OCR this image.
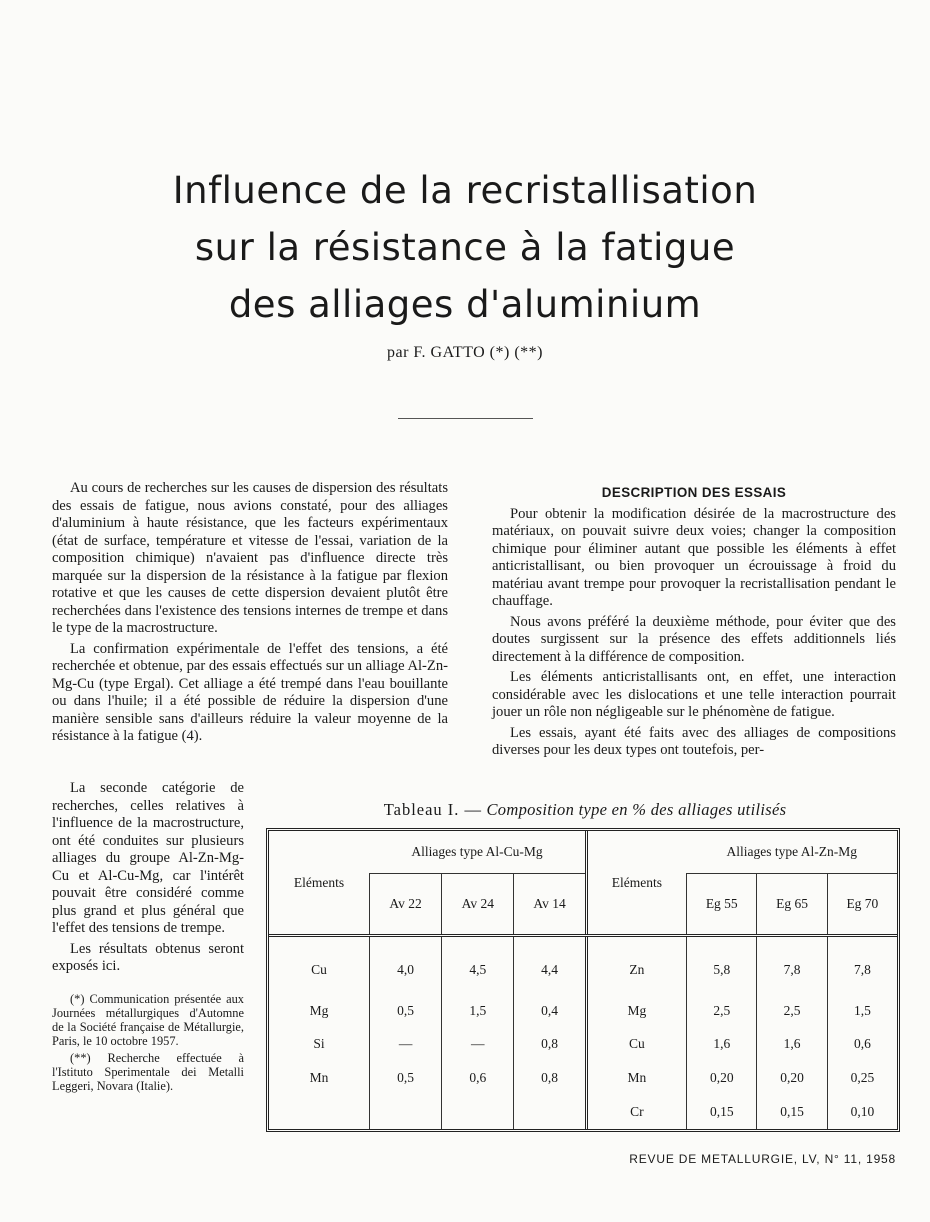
Influence de la recristallisation
sur la résistance à la fatigue
des alliages d'aluminium
par F. GATTO (*) (**)

Au cours de recherches sur les causes de dispersion des résultats des essais de fatigue, nous avions constaté, pour des alliages d'aluminium à haute résistance, que les facteurs expérimentaux (état de surface, température et vitesse de l'essai, variation de la composition chimique) n'avaient pas d'influence directe très marquée sur la dispersion de la résistance à la fatigue par flexion rotative et que les causes de cette dispersion devaient plutôt être recherchées dans l'existence des tensions internes de trempe et dans le type de la macrostructure.

La confirmation expérimentale de l'effet des tensions, a été recherchée et obtenue, par des essais effectués sur un alliage Al-Zn-Mg-Cu (type Ergal). Cet alliage a été trempé dans l'eau bouillante ou dans l'huile; il a été possible de réduire la dispersion d'une manière sensible sans d'ailleurs réduire la valeur moyenne de la résistance à la fatigue (4).

La seconde catégorie de recherches, celles relatives à l'influence de la macrostructure, ont été conduites sur plusieurs alliages du groupe Al-Zn-Mg-Cu et Al-Cu-Mg, car l'intérêt pouvait être considéré comme plus grand et plus général que l'effet des tensions de trempe.

Les résultats obtenus seront exposés ici.

(*) Communication présentée aux Journées métallurgiques d'Automne de la Société française de Métallurgie, Paris, le 10 octobre 1957.

(**) Recherche effectuée à l'Istituto Sperimentale dei Metalli Leggeri, Novara (Italie).

DESCRIPTION DES ESSAIS

Pour obtenir la modification désirée de la macrostructure des matériaux, on pouvait suivre deux voies; changer la composition chimique pour éliminer autant que possible les éléments à effet anticristallisant, ou bien provoquer un écrouissage à froid du matériau avant trempe pour provoquer la recristallisation pendant le chauffage.

Nous avons préféré la deuxième méthode, pour éviter que des doutes surgissent sur la présence des effets additionnels liés directement à la différence de composition.

Les éléments anticristallisants ont, en effet, une interaction considérable avec les dislocations et une telle interaction pourrait jouer un rôle non négligeable sur le phénomène de fatigue.

Les essais, ayant été faits avec des alliages de compositions diverses pour les deux types ont toutefois, per-

Tableau I. — Composition type en % des alliages utilisés
Eléments	Alliages type Al-Cu-Mg			Eléments	Alliages type Al-Zn-Mg		
	Av 22	Av 24	Av 14		Eg 55	Eg 65	Eg 70
Cu	4,0	4,5	4,4	Zn	5,8	7,8	7,8
Mg	0,5	1,5	0,4	Mg	2,5	2,5	1,5
Si	—	—	0,8	Cu	1,6	1,6	0,6
Mn	0,5	0,6	0,8	Mn	0,20	0,20	0,25
				Cr	0,15	0,15	0,10
REVUE DE METALLURGIE, LV, N° 11, 1958
